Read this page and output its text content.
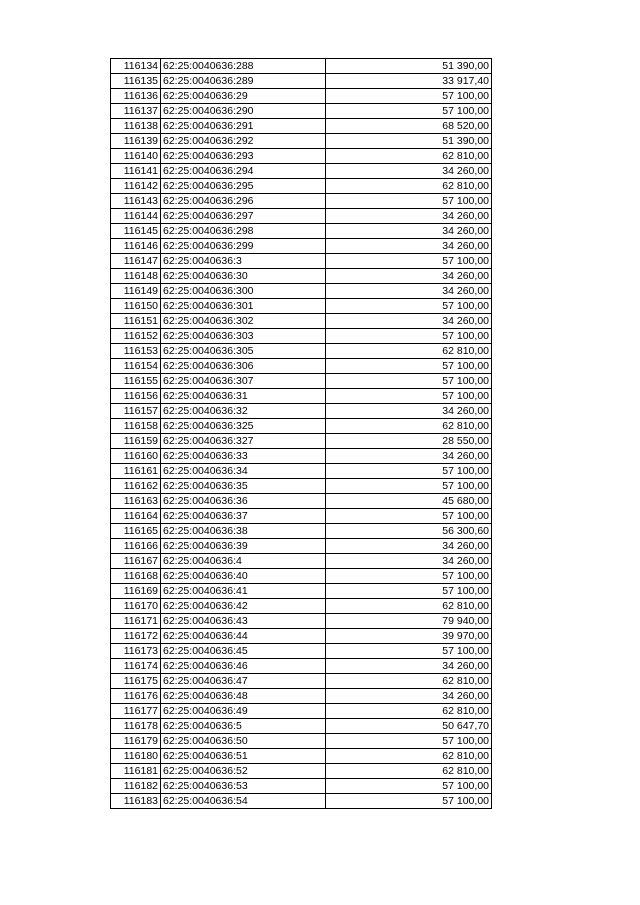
116134	62:25:0040636:288	51 390,00
116135	62:25:0040636:289	33 917,40
116136	62:25:0040636:29	57 100,00
116137	62:25:0040636:290	57 100,00
116138	62:25:0040636:291	68 520,00
116139	62:25:0040636:292	51 390,00
116140	62:25:0040636:293	62 810,00
116141	62:25:0040636:294	34 260,00
116142	62:25:0040636:295	62 810,00
116143	62:25:0040636:296	57 100,00
116144	62:25:0040636:297	34 260,00
116145	62:25:0040636:298	34 260,00
116146	62:25:0040636:299	34 260,00
116147	62:25:0040636:3	57 100,00
116148	62:25:0040636:30	34 260,00
116149	62:25:0040636:300	34 260,00
116150	62:25:0040636:301	57 100,00
116151	62:25:0040636:302	34 260,00
116152	62:25:0040636:303	57 100,00
116153	62:25:0040636:305	62 810,00
116154	62:25:0040636:306	57 100,00
116155	62:25:0040636:307	57 100,00
116156	62:25:0040636:31	57 100,00
116157	62:25:0040636:32	34 260,00
116158	62:25:0040636:325	62 810,00
116159	62:25:0040636:327	28 550,00
116160	62:25:0040636:33	34 260,00
116161	62:25:0040636:34	57 100,00
116162	62:25:0040636:35	57 100,00
116163	62:25:0040636:36	45 680,00
116164	62:25:0040636:37	57 100,00
116165	62:25:0040636:38	56 300,60
116166	62:25:0040636:39	34 260,00
116167	62:25:0040636:4	34 260,00
116168	62:25:0040636:40	57 100,00
116169	62:25:0040636:41	57 100,00
116170	62:25:0040636:42	62 810,00
116171	62:25:0040636:43	79 940,00
116172	62:25:0040636:44	39 970,00
116173	62:25:0040636:45	57 100,00
116174	62:25:0040636:46	34 260,00
116175	62:25:0040636:47	62 810,00
116176	62:25:0040636:48	34 260,00
116177	62:25:0040636:49	62 810,00
116178	62:25:0040636:5	50 647,70
116179	62:25:0040636:50	57 100,00
116180	62:25:0040636:51	62 810,00
116181	62:25:0040636:52	62 810,00
116182	62:25:0040636:53	57 100,00
116183	62:25:0040636:54	57 100,00
